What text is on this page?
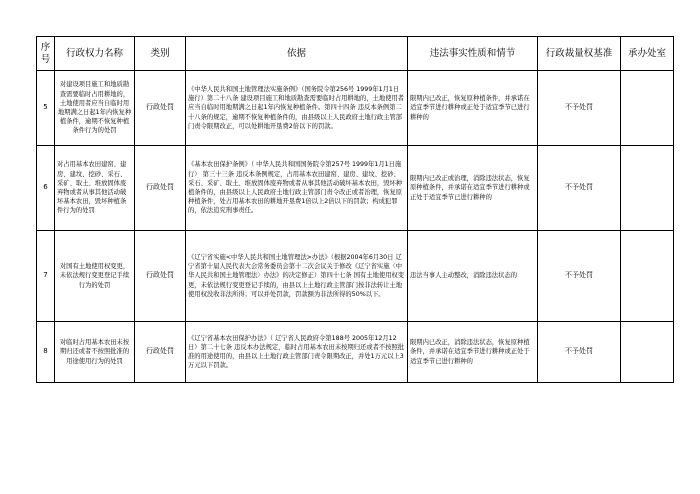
序号	行政权力名称	类别	依据	违法事实性质和情节	行政裁量权基准	承办处室
5	对建设项目施工和地质勘查需要临时占用耕地的，土地使用者应当自临时用地期满之日起1年内恢复种植条件，逾期不恢复种植条件行为的处罚	行政处罚	《中华人民共和国土地管理法实施条例》（国务院令第256号 1999年1月1日施行）第二十八条 建设项目施工和地质勘查需要临时占用耕地的，土地使用者应当自临时用地期满之日起1年内恢复种植条件。第四十四条 违反本条例第二十八条的规定，逾期不恢复种植条件的，由县级以上人民政府土地行政主管部门责令限期改正，可以处耕地开垦费2倍以下的罚款。	限期内已改正，恢复原种植条件，并承诺在适宜季节进行耕种或正处于适宜季节已进行耕种的	不予处罚	
6	对占用基本农田建窑、建房、建坟、挖砂、采石、采矿、取土、堆放固体废弃物或者从事其他活动破坏基本农田，毁坏种植条件行为的处罚	行政处罚	《基本农田保护条例》（ 中华人民共和国国务院令第257号 1999年1月1日施行） 第三十三条 违反本条例规定，占用基本农田建窑、建房、建坟、挖砂、采石、采矿、取土、堆放固体废弃物或者从事其他活动破坏基本农田，毁坏种植条件的，由县级以上人民政府土地行政主管部门责令改正或者治理，恢复原种植条件，处占用基本农田的耕地开垦费1倍以上2倍以下的罚款；构成犯罪的，依法追究刑事责任。	限期内已改正或治理，消除违法状态，恢复原种植条件，并承诺在适宜季节进行耕种或正处于适宜季节已进行耕种的	不予处罚	
7	对国有土地使用权变更，未依法规行变更登记手续行为的处罚	行政处罚	《辽宁省实施<中华人民共和国土地管理法>办法》（根据2004年6月30日 辽宁省第十届人民代表大会常务委员会第十二次会议关于修改《辽宁省实施〈中华人民共和国土地管理法〉办法》的决定修正）第四十七条 国有土地使用权变更，未依法规行变更登记手续的，由县以上土地行政主管部门按非法转让土地使用权没收非法所得；可以并处罚款，罚款额为非法所得的50%以下。	违法当事人主动整改，消除违法状态的	不予处罚	
8	对临时占用基本农田未按期归还或者不按照批准的用途使用行为的处罚	行政处罚	《辽宁省基本农田保护办法》（ 辽宁省人民政府令第188号 2005年12月12日）第二十七条 违反本办法规定，临时占用基本农田未按期归还或者不按照批准的用途使用的，由县以上土地行政主管部门责令限期改正，并处1万元以上3万元以下罚款。	限期内已改正，消除违法状态，恢复原种植条件，并承诺在适宜季节进行耕种或正处于适宜季节已进行耕种的	不予处罚	
